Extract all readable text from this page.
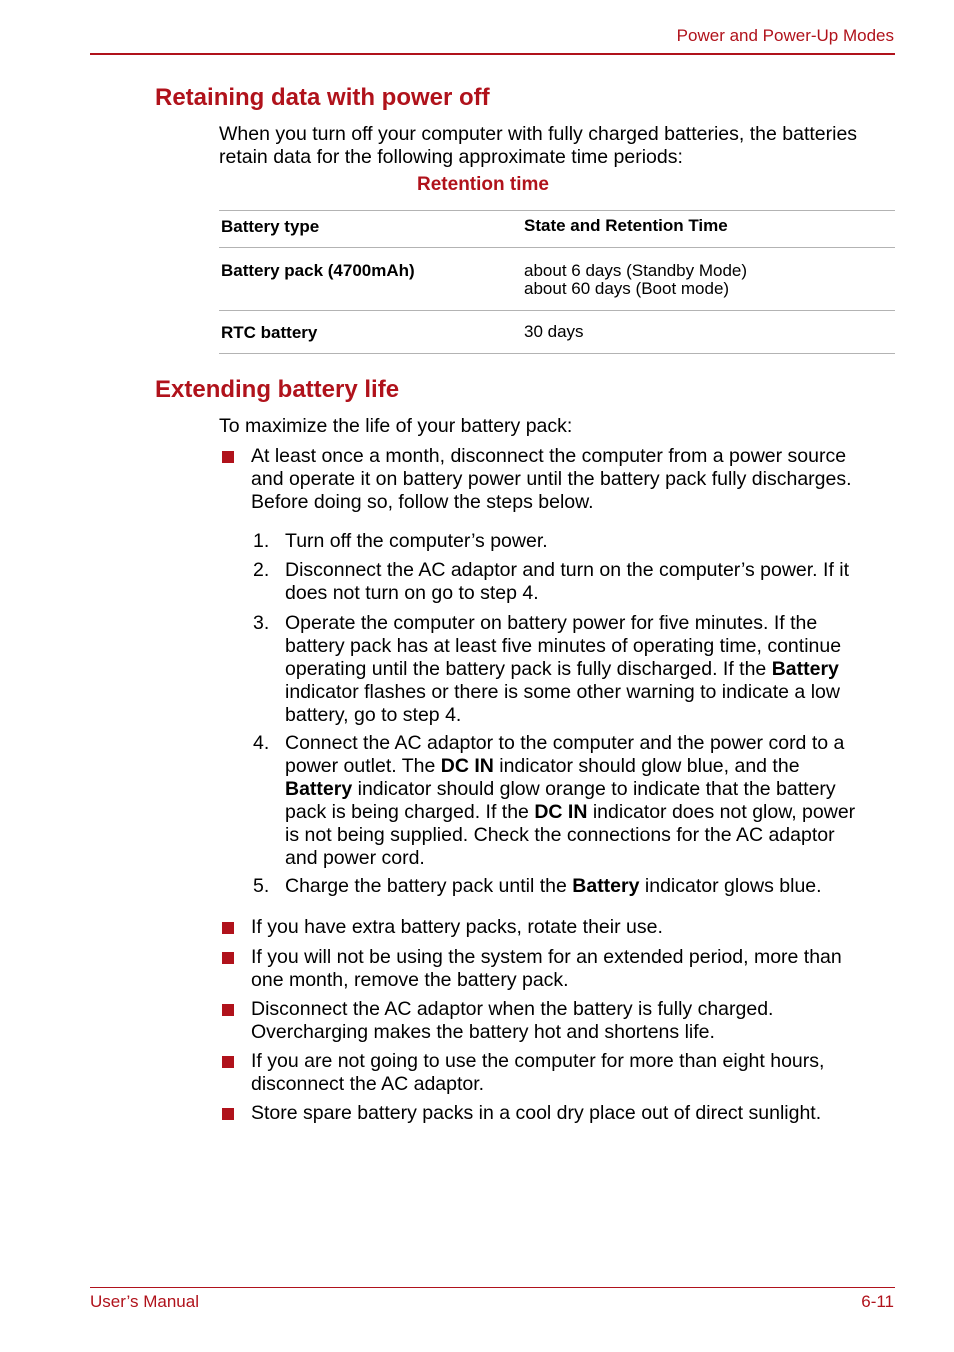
Power and Power-Up Modes
Retaining data with power off

When you turn off your computer with fully charged batteries, the batteries
retain data for the following approximate time periods:

Retention time
Battery type	State and Retention Time
Battery pack (4700mAh)	about 6 days (Standby Mode)
about 60 days (Boot mode)
RTC battery	30 days
Extending battery life

To maximize the life of your battery pack:

At least once a month, disconnect the computer from a power source
and operate it on battery power until the battery pack fully discharges.
Before doing so, follow the steps below.
1. Turn off the computer’s power.
2. Disconnect the AC adaptor and turn on the computer’s power. If it
does not turn on go to step 4.
3. Operate the computer on battery power for five minutes. If the
battery pack has at least five minutes of operating time, continue
operating until the battery pack is fully discharged. If the Battery
indicator flashes or there is some other warning to indicate a low
battery, go to step 4.
4. Connect the AC adaptor to the computer and the power cord to a
power outlet. The DC IN indicator should glow blue, and the
Battery indicator should glow orange to indicate that the battery
pack is being charged. If the DC IN indicator does not glow, power
is not being supplied. Check the connections for the AC adaptor
and power cord.
5. Charge the battery pack until the Battery indicator glows blue.
If you have extra battery packs, rotate their use.
If you will not be using the system for an extended period, more than
one month, remove the battery pack.
Disconnect the AC adaptor when the battery is fully charged.
Overcharging makes the battery hot and shortens life.
If you are not going to use the computer for more than eight hours,
disconnect the AC adaptor.
Store spare battery packs in a cool dry place out of direct sunlight.
User’s Manual	6-11
